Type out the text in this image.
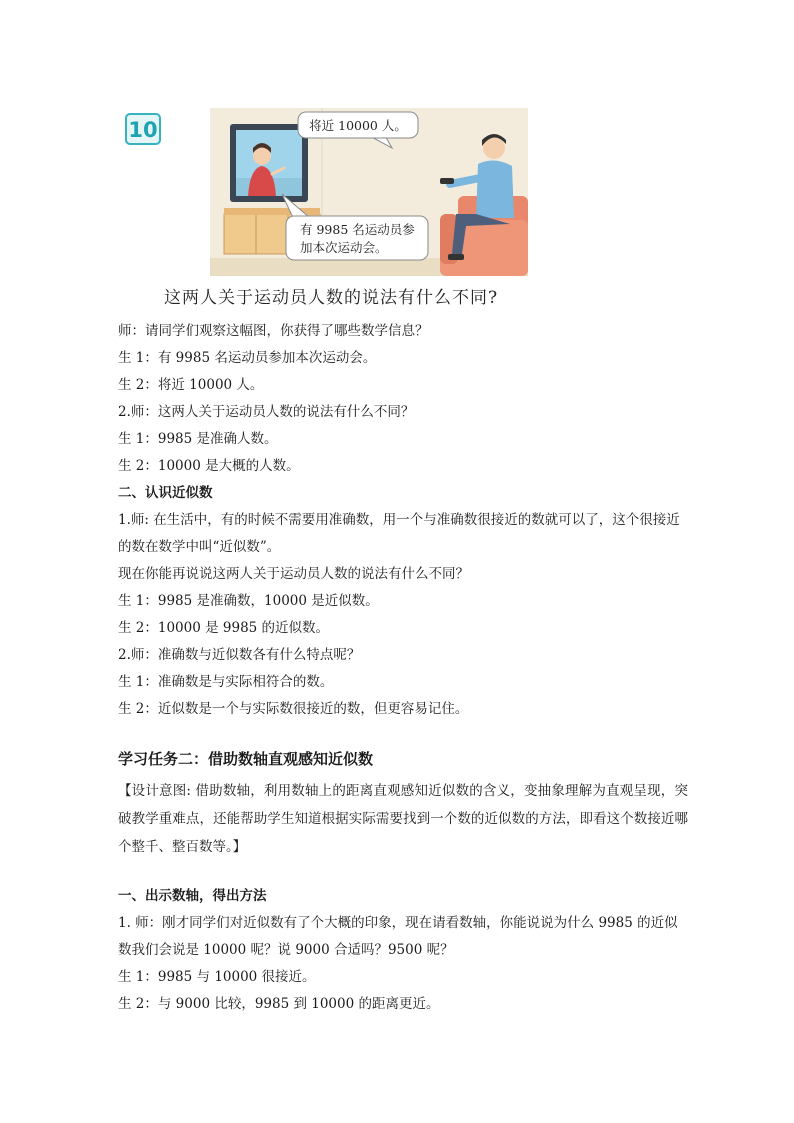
10	将近 10000 人。
有 9985 名运动员参
加本次运动会。
这两人关于运动员人数的说法有什么不同?
师：请同学们观察这幅图，你获得了哪些数学信息？
生 1：有 9985 名运动员参加本次运动会。
生 2：将近 10000 人。
2.师：这两人关于运动员人数的说法有什么不同？
生 1：9985 是准确人数。
生 2：10000 是大概的人数。
二、认识近似数
1.师: 在生活中，有的时候不需要用准确数，用一个与准确数很接近的数就可以了，这个很接近的数在数学中叫“近似数”。
现在你能再说说这两人关于运动员人数的说法有什么不同？
生 1：9985 是准确数，10000 是近似数。
生 2：10000 是 9985 的近似数。
2.师：准确数与近似数各有什么特点呢？
生 1：准确数是与实际相符合的数。
生 2：近似数是一个与实际数很接近的数，但更容易记住。
学习任务二：借助数轴直观感知近似数
【设计意图: 借助数轴，利用数轴上的距离直观感知近似数的含义，变抽象理解为直观呈现，突破教学重难点，还能帮助学生知道根据实际需要找到一个数的近似数的方法，即看这个数接近哪个整千、整百数等。】
一、出示数轴，得出方法
1. 师：刚才同学们对近似数有了个大概的印象，现在请看数轴，你能说说为什么 9985 的近似数我们会说是 10000 呢？说 9000 合适吗？9500 呢？
生 1：9985 与 10000 很接近。
生 2：与 9000 比较，9985 到 10000 的距离更近。
